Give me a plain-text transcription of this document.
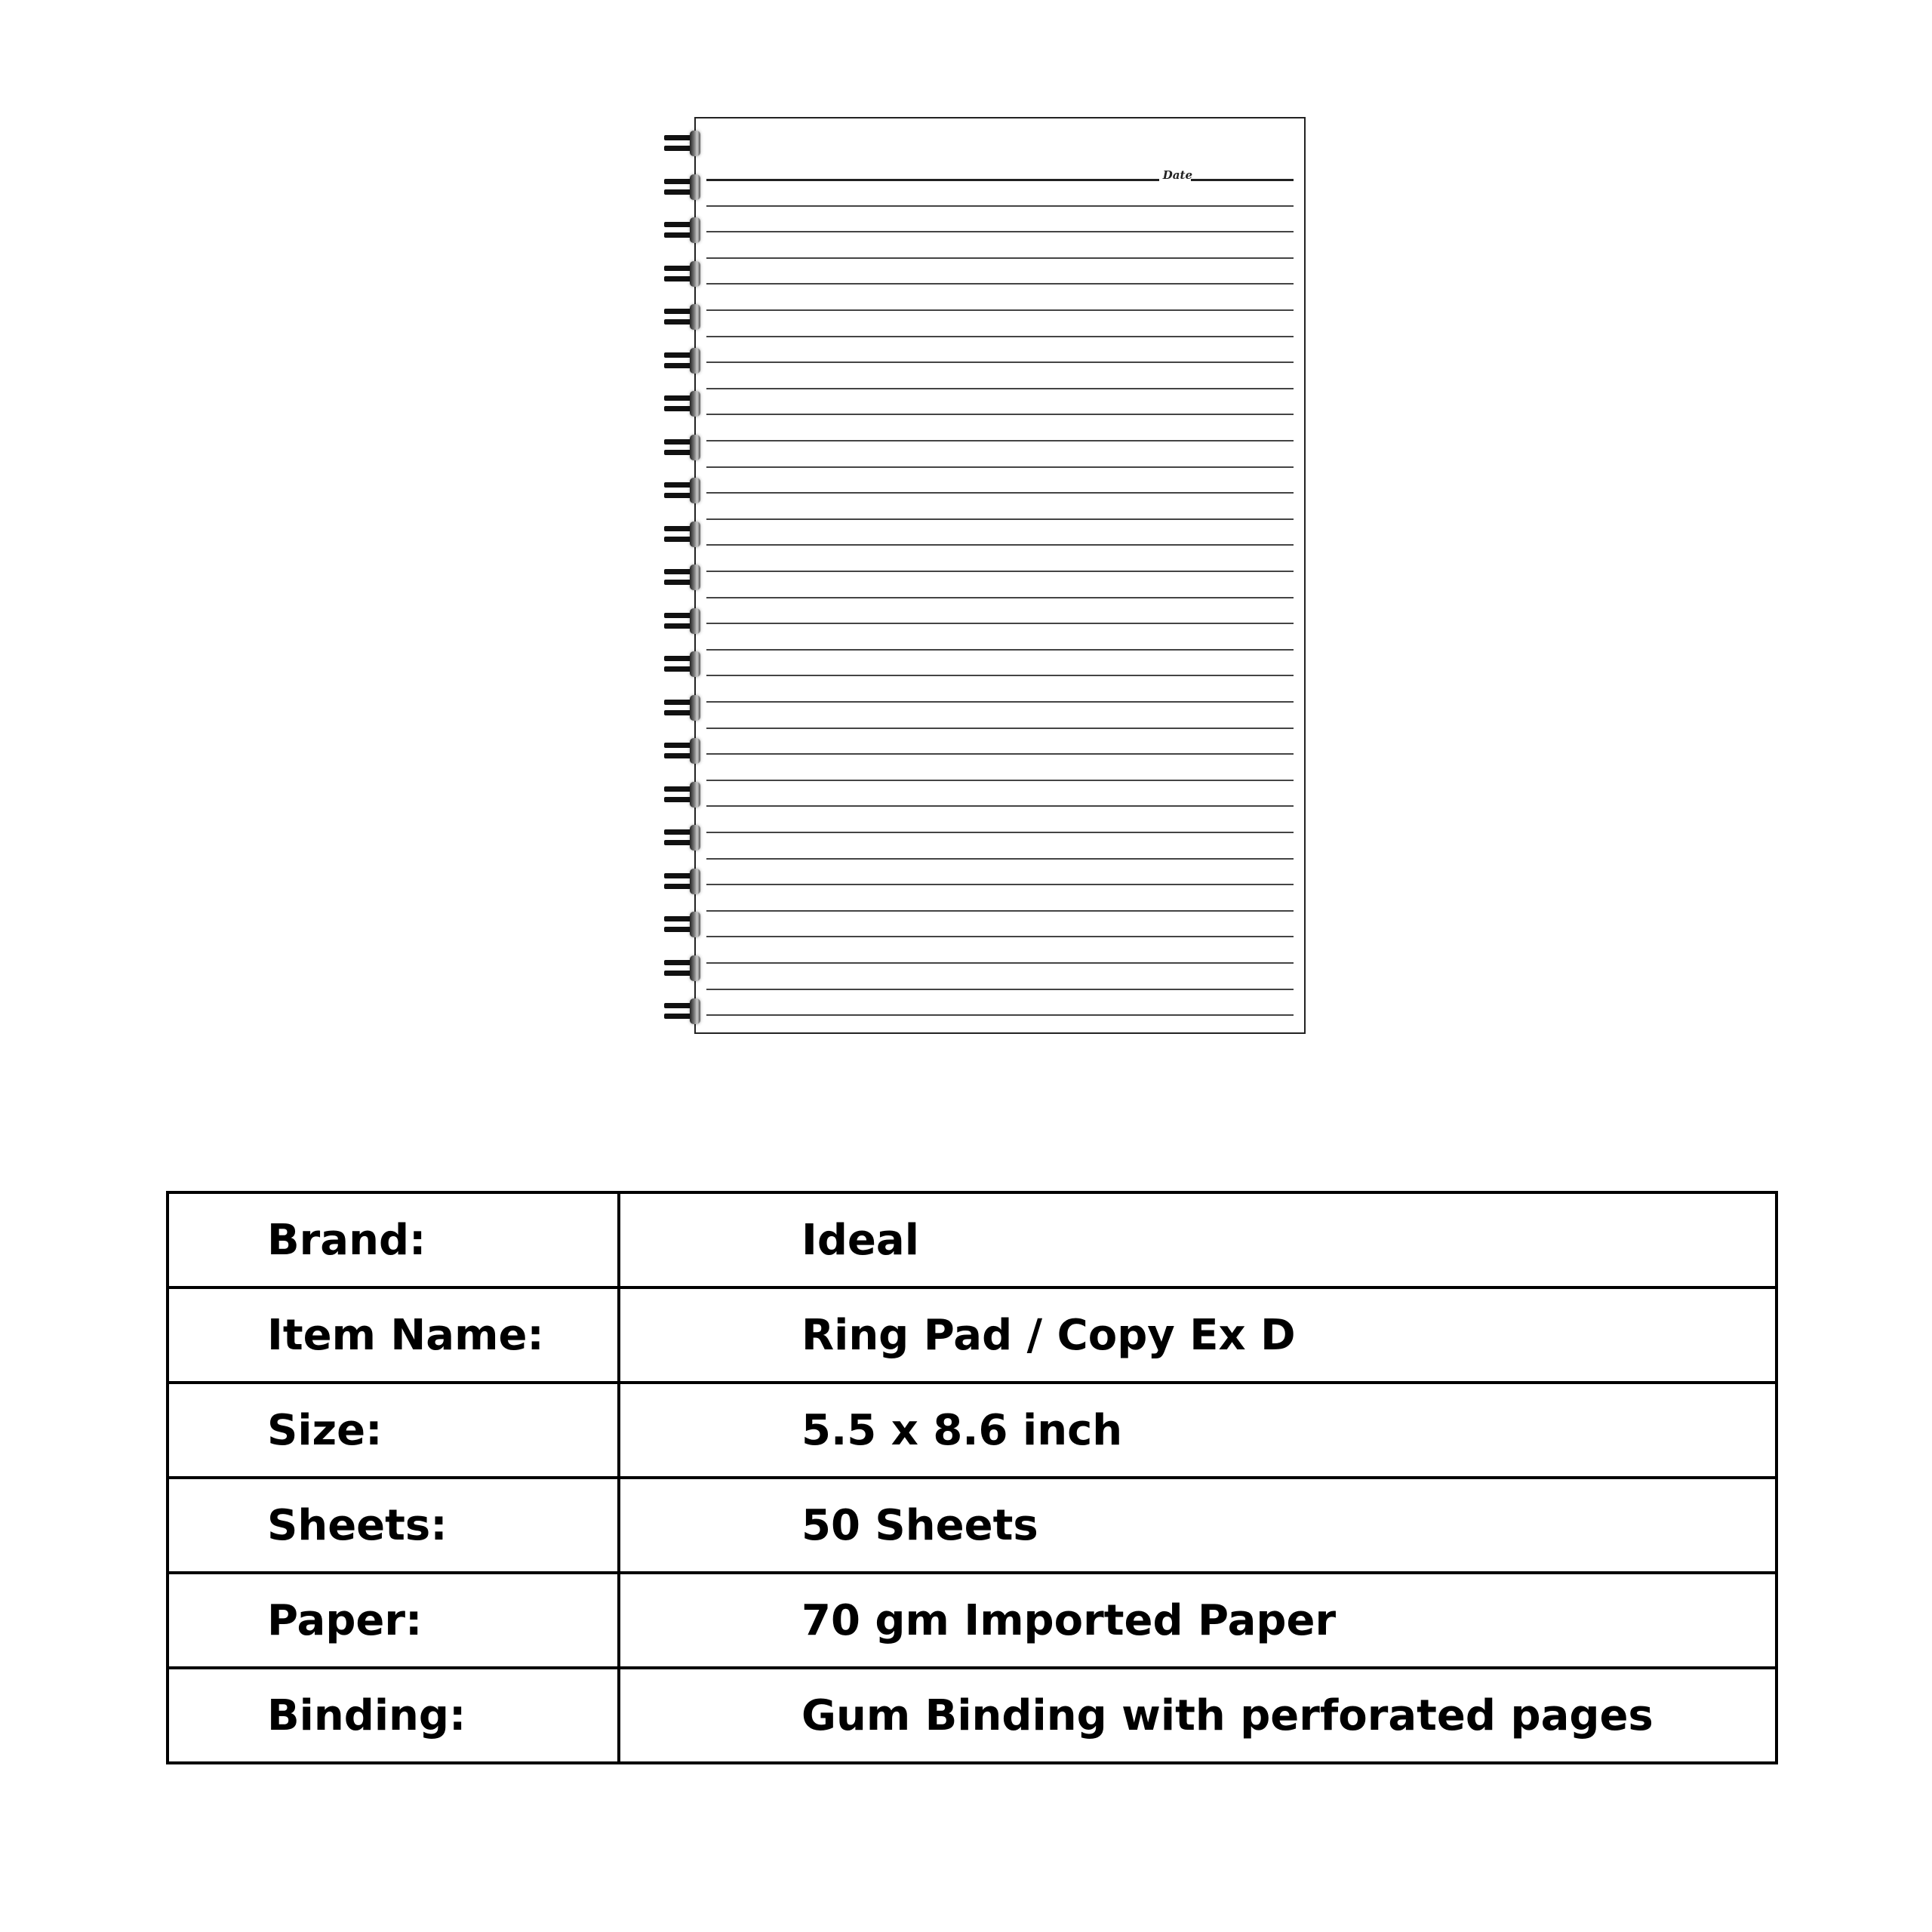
Date
Brand:	Ideal
Item Name:	Ring Pad / Copy Ex D
Size:	5.5 x 8.6 inch
Sheets:	50 Sheets
Paper:	70 gm Imported Paper
Binding:	Gum Binding with perforated pages
